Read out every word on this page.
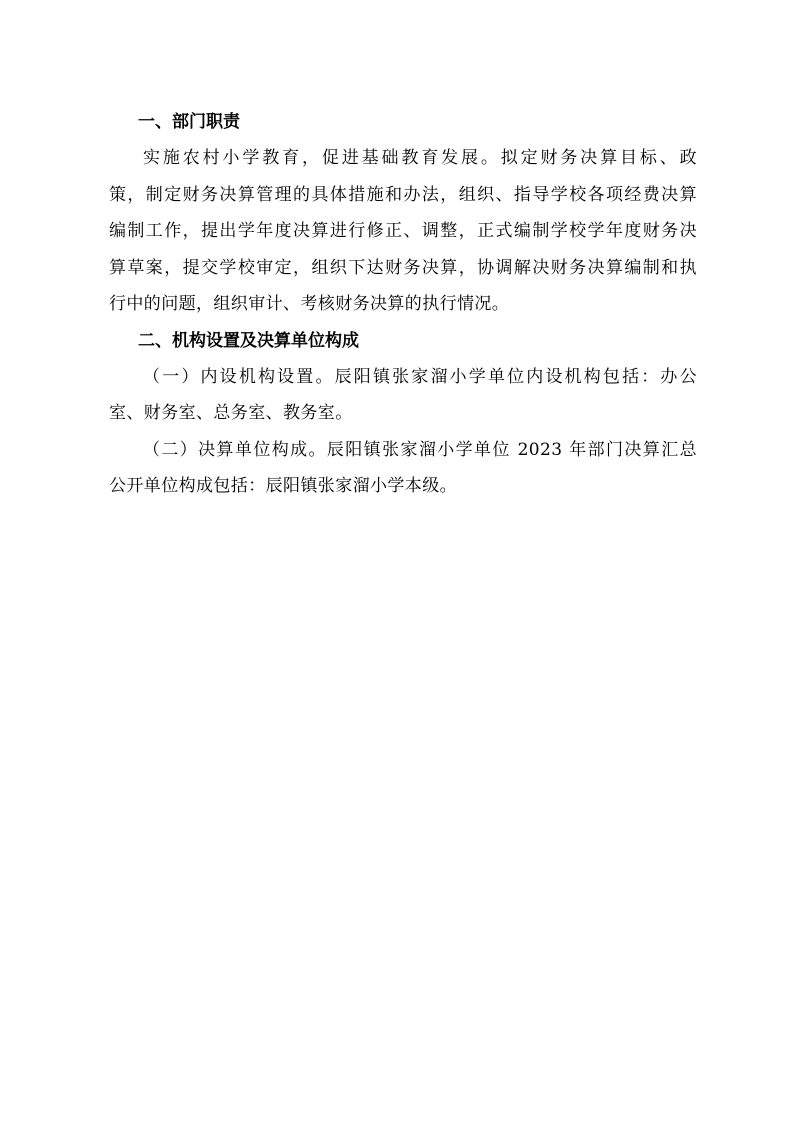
一、部门职责

实施农村小学教育，促进基础教育发展。拟定财务决算目标、政
策，制定财务决算管理的具体措施和办法，组织、指导学校各项经费决算
编制工作，提出学年度决算进行修正、调整，正式编制学校学年度财务决
算草案，提交学校审定，组织下达财务决算，协调解决财务决算编制和执
行中的问题，组织审计、考核财务决算的执行情况。

二、机构设置及决算单位构成

（一）内设机构设置。辰阳镇张家溜小学单位内设机构包括：办公
室、财务室、总务室、教务室。

（二）决算单位构成。辰阳镇张家溜小学单位 2023 年部门决算汇总
公开单位构成包括：辰阳镇张家溜小学本级。
